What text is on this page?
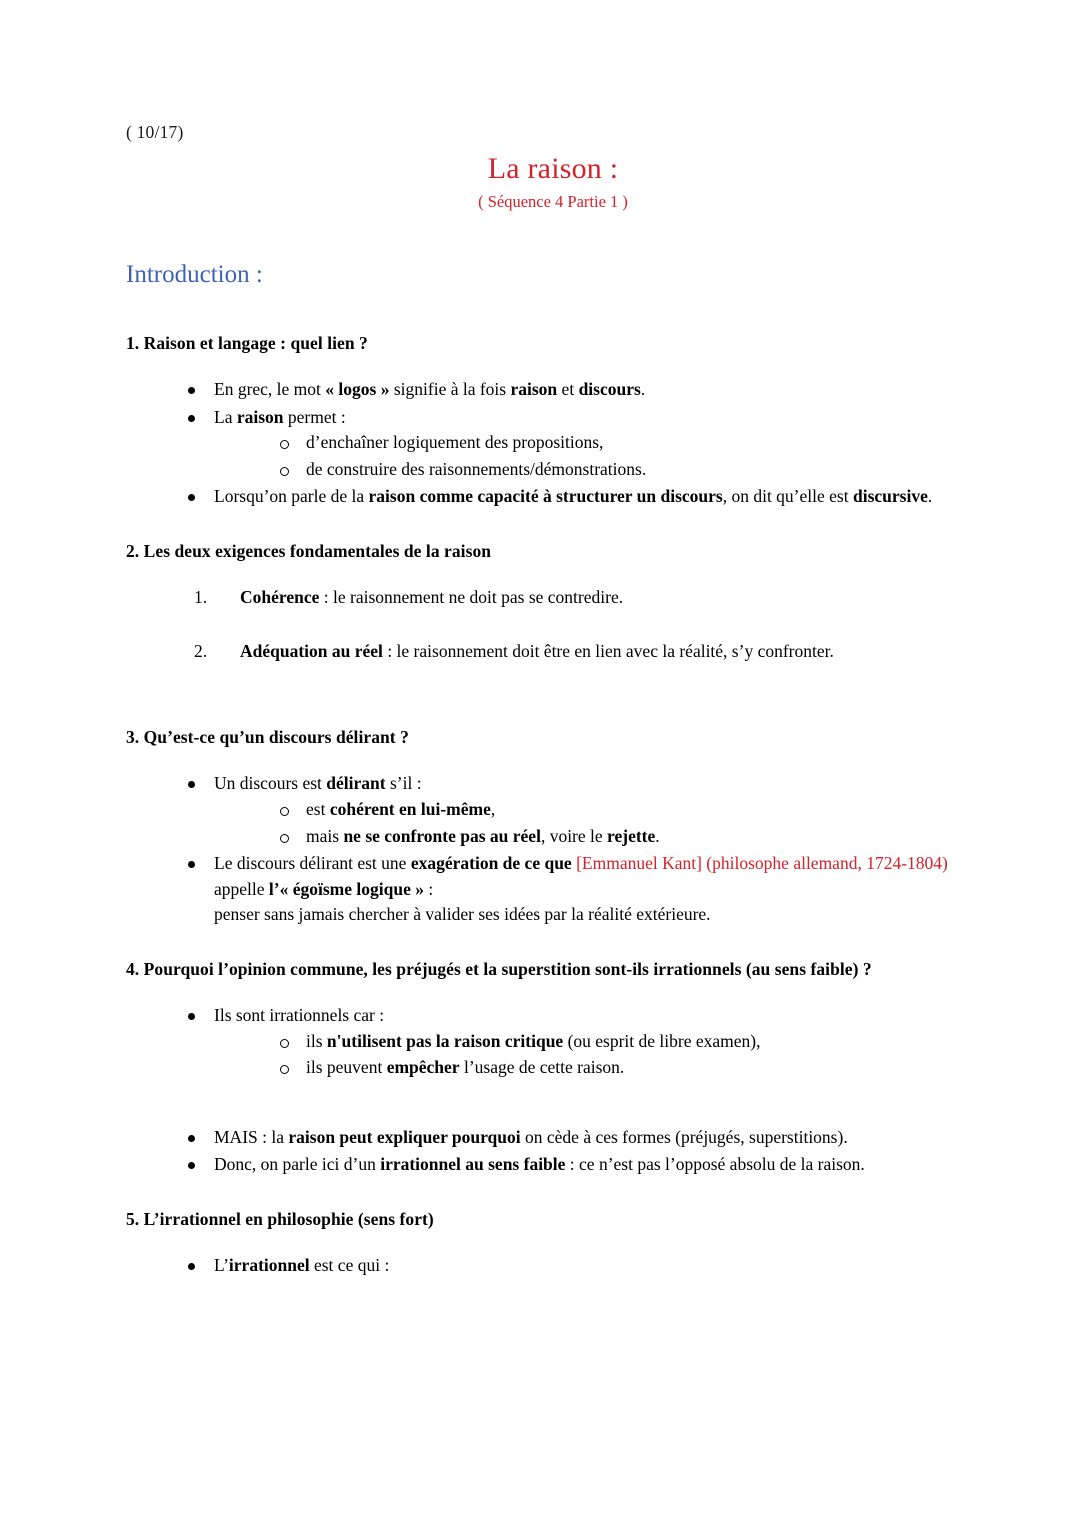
( 10/17)
La raison :
( Séquence 4 Partie 1 )
Introduction :
1. Raison et langage : quel lien ?
En grec, le mot « logos » signifie à la fois raison et discours.
La raison permet :
d’enchaîner logiquement des propositions,
de construire des raisonnements/démonstrations.
Lorsqu’on parle de la raison comme capacité à structurer un discours, on dit qu’elle est discursive.
2. Les deux exigences fondamentales de la raison
1. Cohérence : le raisonnement ne doit pas se contredire.
2. Adéquation au réel : le raisonnement doit être en lien avec la réalité, s’y confronter.
3. Qu’est-ce qu’un discours délirant ?
Un discours est délirant s’il :
est cohérent en lui-même,
mais ne se confronte pas au réel, voire le rejette.
Le discours délirant est une exagération de ce que [Emmanuel Kant] (philosophe allemand, 1724-1804) appelle l’« égoïsme logique » :
penser sans jamais chercher à valider ses idées par la réalité extérieure.
4. Pourquoi l’opinion commune, les préjugés et la superstition sont-ils irrationnels (au sens faible) ?
Ils sont irrationnels car :
ils n'utilisent pas la raison critique (ou esprit de libre examen),
ils peuvent empêcher l’usage de cette raison.
MAIS : la raison peut expliquer pourquoi on cède à ces formes (préjugés, superstitions).
Donc, on parle ici d’un irrationnel au sens faible : ce n’est pas l’opposé absolu de la raison.
5. L’irrationnel en philosophie (sens fort)
L’irrationnel est ce qui :
